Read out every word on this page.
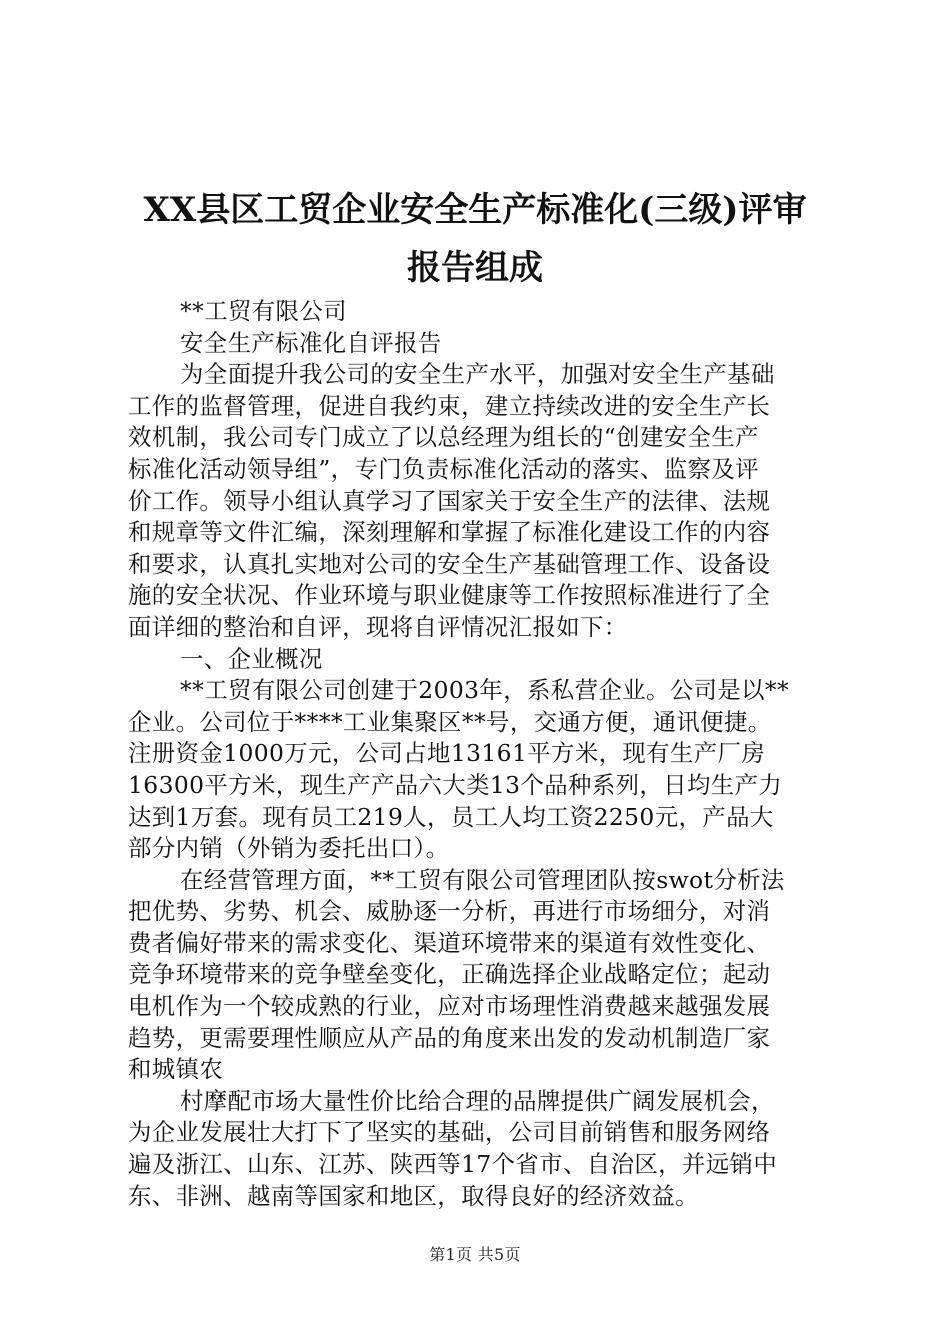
XX县区工贸企业安全生产标准化(三级)评审
报告组成
**工贸有限公司
安全生产标准化自评报告
为全面提升我公司的安全生产水平，加强对安全生产基础
工作的监督管理，促进自我约束，建立持续改进的安全生产长
效机制，我公司专门成立了以总经理为组长的“创建安全生产
标准化活动领导组”，专门负责标准化活动的落实、监察及评
价工作。领导小组认真学习了国家关于安全生产的法律、法规
和规章等文件汇编，深刻理解和掌握了标准化建设工作的内容
和要求，认真扎实地对公司的安全生产基础管理工作、设备设
施的安全状况、作业环境与职业健康等工作按照标准进行了全
面详细的整治和自评，现将自评情况汇报如下：
一、企业概况
**工贸有限公司创建于2003年，系私营企业。公司是以**
企业。公司位于****工业集聚区**号，交通方便，通讯便捷。
注册资金1000万元，公司占地13161平方米，现有生产厂房
16300平方米，现生产产品六大类13个品种系列，日均生产力
达到1万套。现有员工219人，员工人均工资2250元，产品大
部分内销（外销为委托出口）。
在经营管理方面，**工贸有限公司管理团队按swot分析法
把优势、劣势、机会、威胁逐一分析，再进行市场细分，对消
费者偏好带来的需求变化、渠道环境带来的渠道有效性变化、
竞争环境带来的竞争壁垒变化，正确选择企业战略定位；起动
电机作为一个较成熟的行业，应对市场理性消费越来越强发展
趋势，更需要理性顺应从产品的角度来出发的发动机制造厂家
和城镇农
村摩配市场大量性价比给合理的品牌提供广阔发展机会，
为企业发展壮大打下了坚实的基础，公司目前销售和服务网络
遍及浙江、山东、江苏、陕西等17个省市、自治区，并远销中
东、非洲、越南等国家和地区，取得良好的经济效益。
第1页 共5页
